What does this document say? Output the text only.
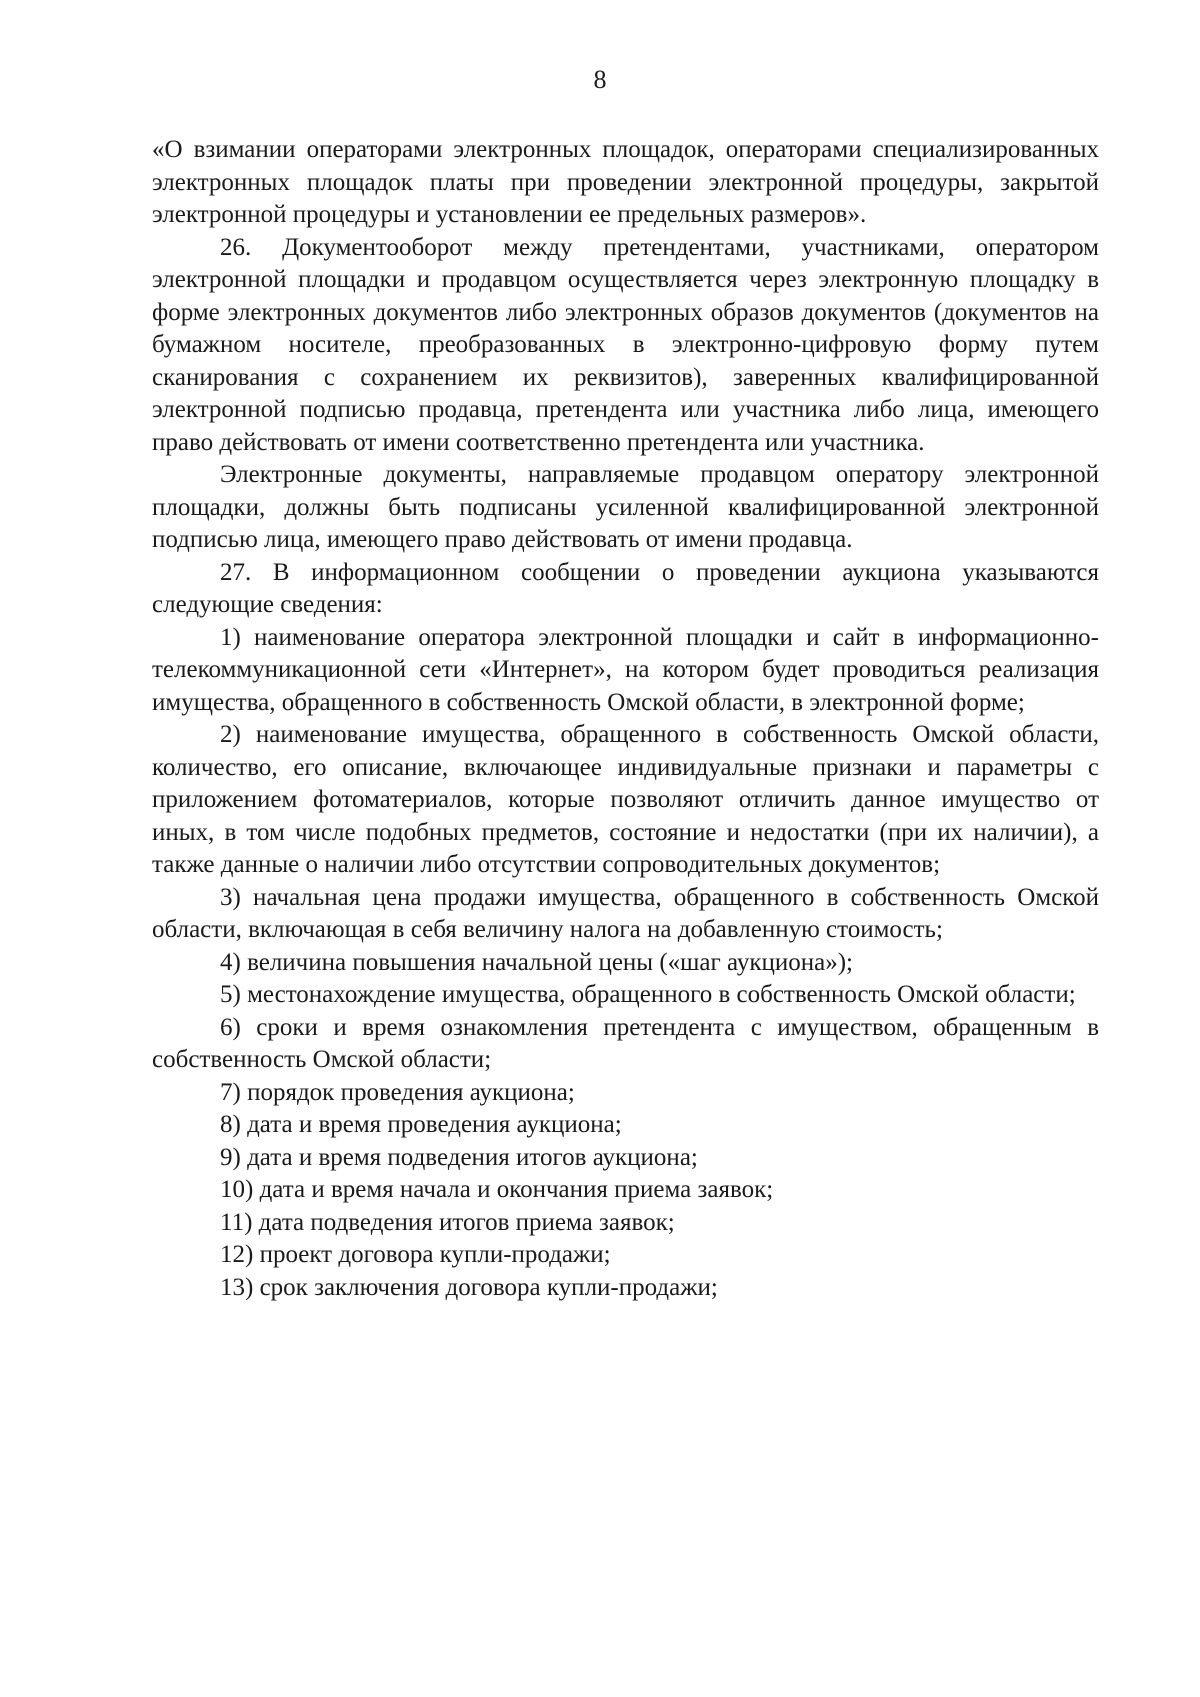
8

«О взимании операторами электронных площадок, операторами специализированных электронных площадок платы при проведении электронной процедуры, закрытой электронной процедуры и установлении ее предельных размеров».

26. Документооборот между претендентами, участниками, оператором электронной площадки и продавцом осуществляется через электронную площадку в форме электронных документов либо электронных образов документов (документов на бумажном носителе, преобразованных в электронно-цифровую форму путем сканирования с сохранением их реквизитов), заверенных квалифицированной электронной подписью продавца, претендента или участника либо лица, имеющего право действовать от имени соответственно претендента или участника.

Электронные документы, направляемые продавцом оператору электронной площадки, должны быть подписаны усиленной квалифицированной электронной подписью лица, имеющего право действовать от имени продавца.

27. В информационном сообщении о проведении аукциона указываются следующие сведения:

1) наименование оператора электронной площадки и сайт в информационно-телекоммуникационной сети «Интернет», на котором будет проводиться реализация имущества, обращенного в собственность Омской области, в электронной форме;

2) наименование имущества, обращенного в собственность Омской области, количество, его описание, включающее индивидуальные признаки и параметры с приложением фотоматериалов, которые позволяют отличить данное имущество от иных, в том числе подобных предметов, состояние и недостатки (при их наличии), а также данные о наличии либо отсутствии сопроводительных документов;

3) начальная цена продажи имущества, обращенного в собственность Омской области, включающая в себя величину налога на добавленную стоимость;

4) величина повышения начальной цены («шаг аукциона»);

5) местонахождение имущества, обращенного в собственность Омской области;

6) сроки и время ознакомления претендента с имуществом, обращенным в собственность Омской области;

7) порядок проведения аукциона;

8) дата и время проведения аукциона;

9) дата и время подведения итогов аукциона;

10) дата и время начала и окончания приема заявок;

11) дата подведения итогов приема заявок;

12) проект договора купли-продажи;

13) срок заключения договора купли-продажи;
